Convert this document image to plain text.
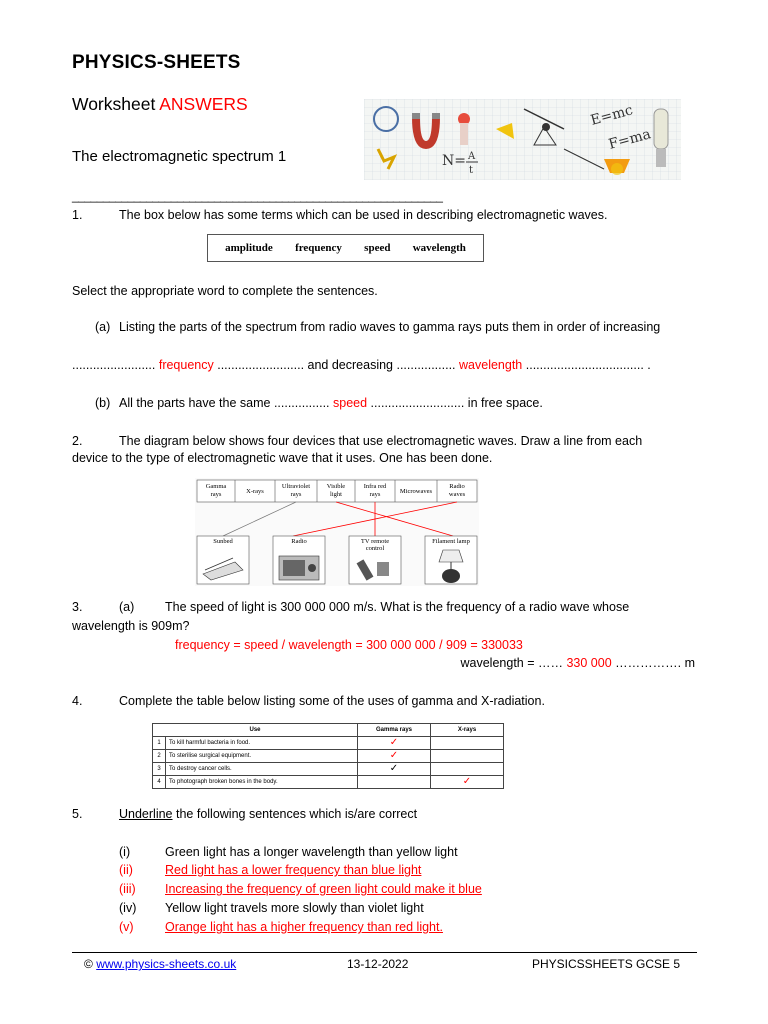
PHYSICS-SHEETS
Worksheet ANSWERS
The electromagnetic spectrum 1
____________________________________________________________
N= A
t
E=mc
F=ma
1.	The box below has some terms which can be used in describing electromagnetic waves.
amplitude frequency speed wavelength
Select the appropriate word to complete the sentences.
(a) Listing the parts of the spectrum from radio waves to gamma rays puts them in order of increasing
........................ frequency ......................... and decreasing ................. wavelength .................................. .
(b) All the parts have the same ................ speed ........................... in free space.
2.	The diagram below shows four devices that use electromagnetic waves. Draw a line from each
device to the type of electromagnetic wave that it uses. One has been done.
Gamma
rays	X-rays
Ultraviolet
rays
Visible
light
Infra red
rays	Microwaves
Radio
waves
Sunbed	Radio	TV remote
control
Filament lamp
3.	(a) The speed of light is 300 000 000 m/s. What is the frequency of a radio wave whose
wavelength is 909m?
frequency = speed / wavelength = 300 000 000 / 909 = 330033
wavelength = …… 330 000 ……………. m
4.	Complete the table below listing some of the uses of gamma and X-radiation.
Use		Gamma rays	X-rays
1	To kill harmful bacteria in food.	✓	
2	To sterilise surgical equipment.	✓	
3	To destroy cancer cells.	✓	
4	To photograph broken bones in the body.		✓
5.	Underline the following sentences which is/are correct
(i)	Green light has a longer wavelength than yellow light
(ii)	Red light has a lower frequency than blue light
(iii) Increasing the frequency of green light could make it blue
(iv) Yellow light travels more slowly than violet light
(v)	Orange light has a higher frequency than red light.
© www.physics-sheets.co.uk	13-12-2022	PHYSICSSHEETS GCSE 5
